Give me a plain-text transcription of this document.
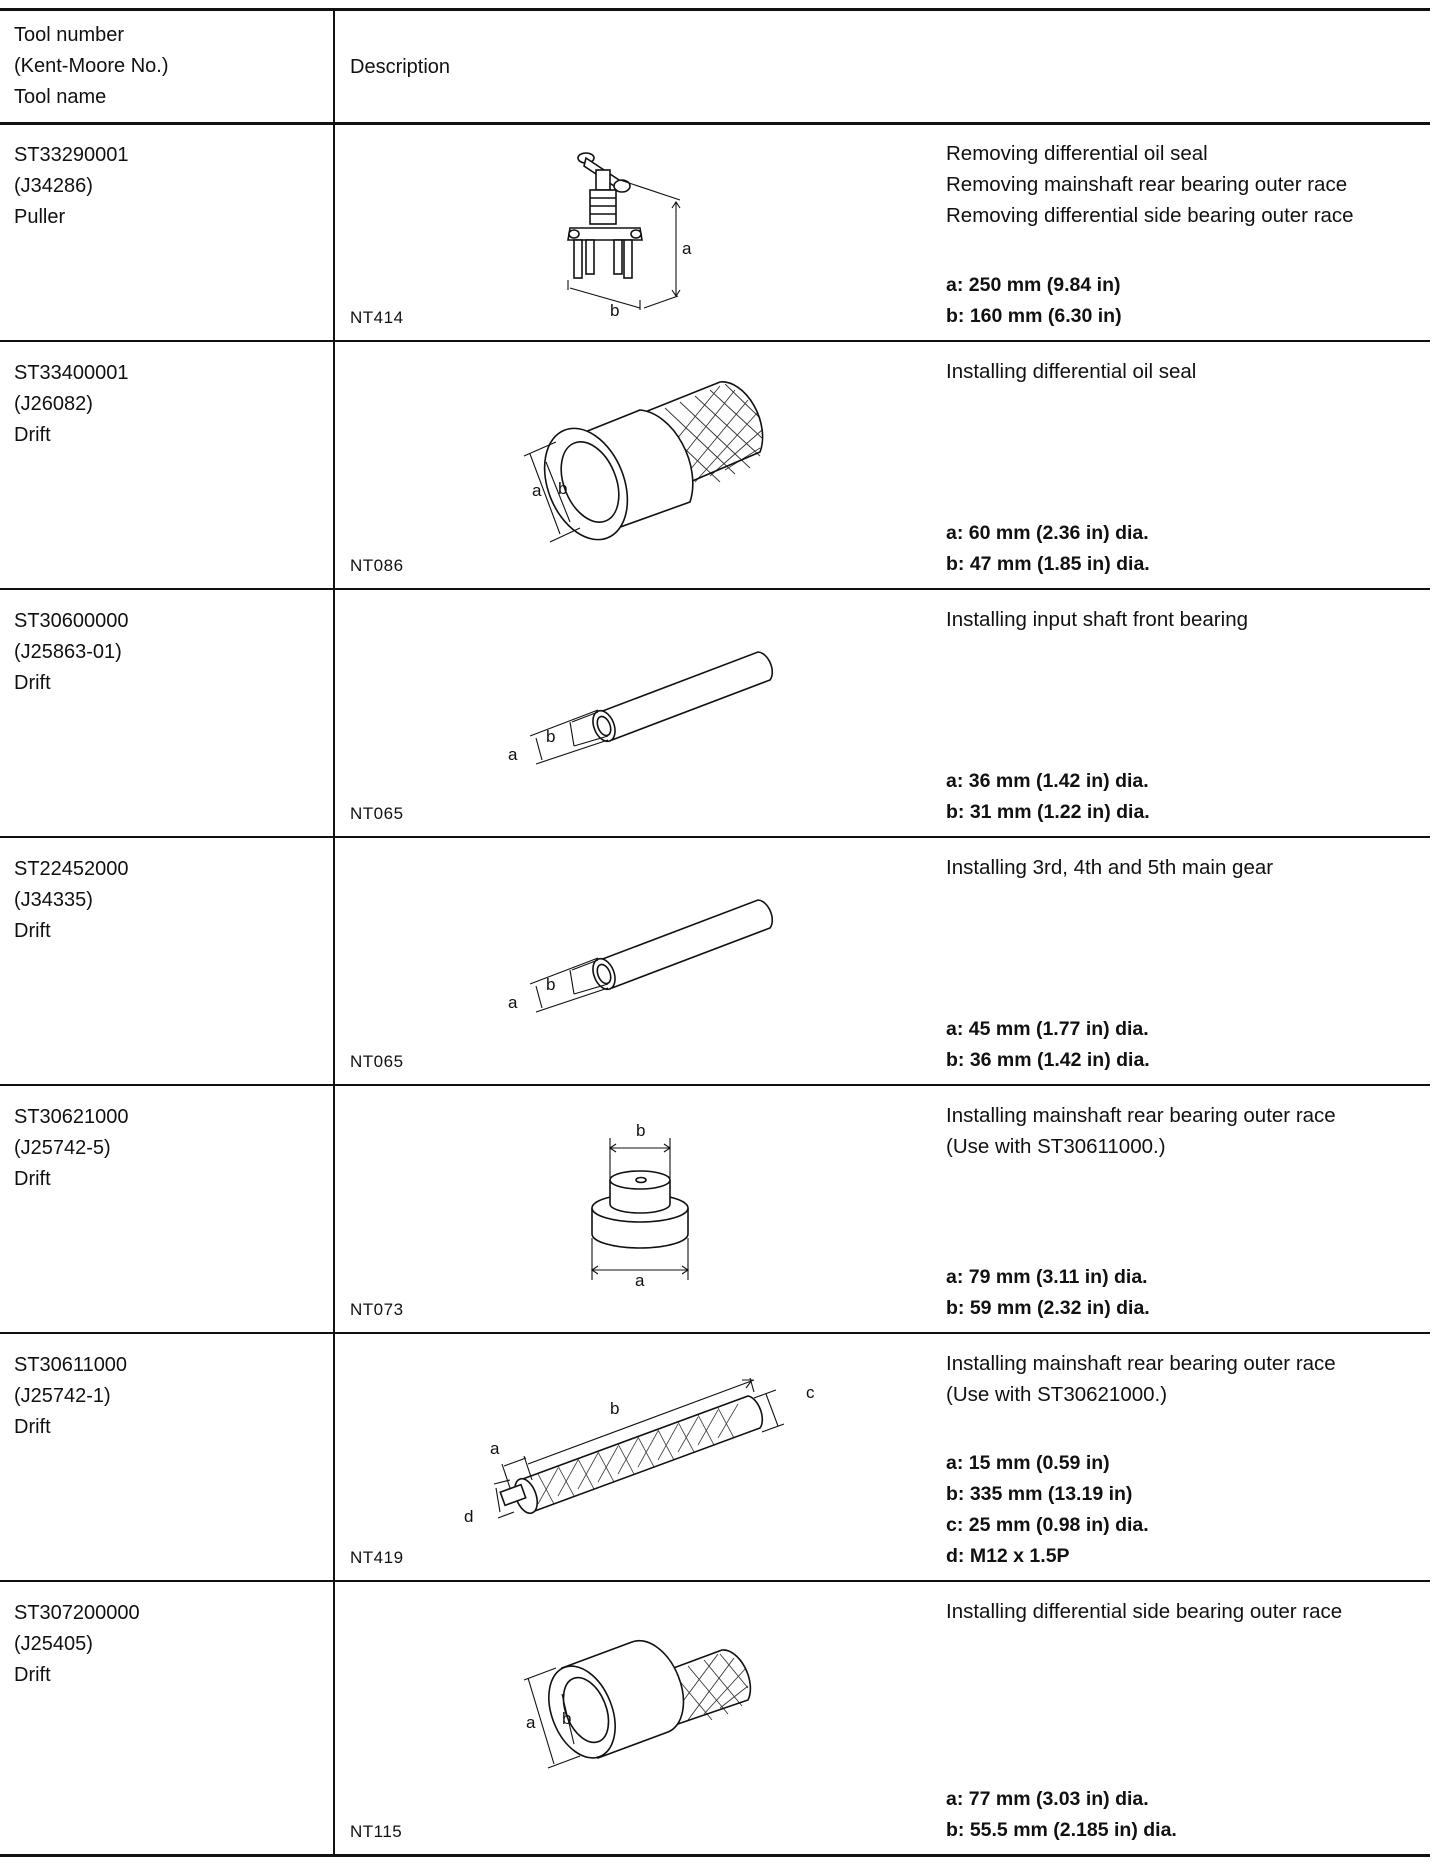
Tool number
(Kent-Moore No.)
Tool name
Description
ST33290001
(J34286)
Puller
a
b
NT414
Removing differential oil seal
Removing mainshaft rear bearing outer race
Removing differential side bearing outer race
a: 250 mm (9.84 in)
b: 160 mm (6.30 in)
ST33400001
(J26082)
Drift
a b
NT086
Installing differential oil seal
a: 60 mm (2.36 in) dia.
b: 47 mm (1.85 in) dia.
ST30600000
(J25863-01)
Drift
a
b
NT065
Installing input shaft front bearing
a: 36 mm (1.42 in) dia.
b: 31 mm (1.22 in) dia.
ST22452000
(J34335)
Drift
a
b
NT065
Installing 3rd, 4th and 5th main gear
a: 45 mm (1.77 in) dia.
b: 36 mm (1.42 in) dia.
ST30621000
(J25742-5)
Drift
a
b
NT073
Installing mainshaft rear bearing outer race
(Use with ST30611000.)
a: 79 mm (3.11 in) dia.
b: 59 mm (2.32 in) dia.
ST30611000
(J25742-1)
Drift
a
b
c
d
NT419
Installing mainshaft rear bearing outer race
(Use with ST30621000.)
a: 15 mm (0.59 in)
b: 335 mm (13.19 in)
c: 25 mm (0.98 in) dia.
d: M12 x 1.5P
ST307200000
(J25405)
Drift
a b
NT115
Installing differential side bearing outer race
a: 77 mm (3.03 in) dia.
b: 55.5 mm (2.185 in) dia.
